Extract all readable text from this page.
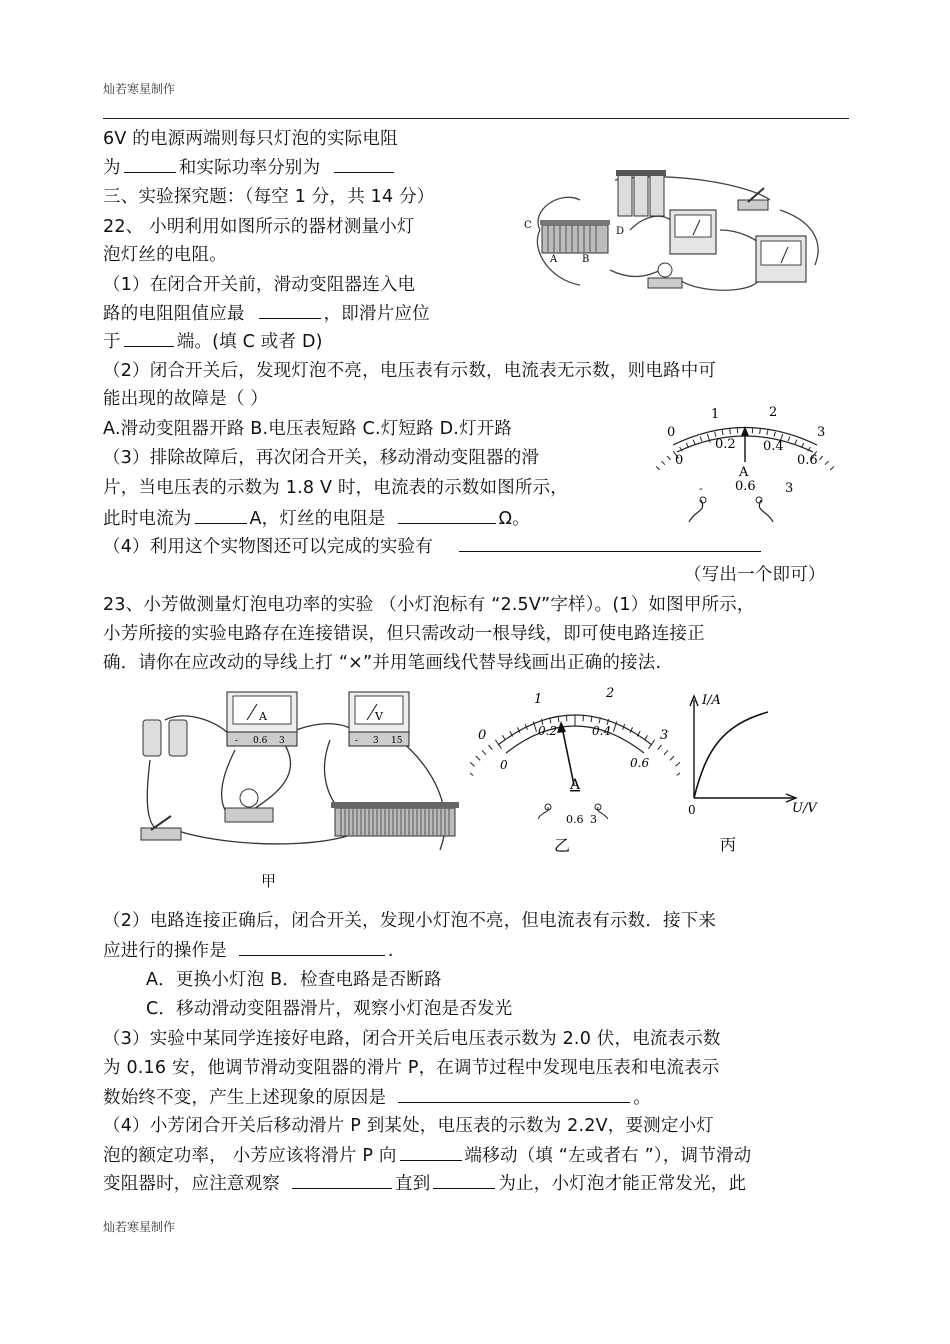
灿若寒星制作
6V 的电源两端则每只灯泡的实际电阻
为	和实际功率分别为
三、实验探究题：（每空 1 分，共 14 分）
22、 小明利用如图所示的器材测量小灯
泡灯丝的电阻。
（1）在闭合开关前，滑动变阻器连入电
路的电阻阻值应最	，即滑片应位
于	端。(填 C 或者 D)
（2）闭合开关后，发现灯泡不亮，电压表有示数，电流表无示数，则电路中可
能出现的故障是（ ）
A.滑动变阻器开路 B.电压表短路 C.灯短路 D.灯开路
（3）排除故障后，再次闭合开关，移动滑动变阻器的滑
片，当电压表的示数为 1.8 V 时，电流表的示数如图所示，
此时电流为	A，灯丝的电阻是	Ω。
（4）利用这个实物图还可以完成的实验有
（写出一个即可）
23、小芳做测量灯泡电功率的实验 （小灯泡标有 “2.5V”字样）。(1）如图甲所示，
小芳所接的实验电路存在连接错误，但只需改动一根导线，即可使电路连接正
确．请你在应改动的导线上打 “×”并用笔画线代替导线画出正确的接法.
（2）电路连接正确后，闭合开关，发现小灯泡不亮，但电流表有示数．接下来
应进行的操作是	.
A．更换小灯泡 B．检查电路是否断路
C．移动滑动变阻器滑片，观察小灯泡是否发光
（3）实验中某同学连接好电路，闭合开关后电压表示数为 2.0 伏，电流表示数
为 0.16 安，他调节滑动变阻器的滑片 P，在调节过程中发现电压表和电流表示
数始终不变，产生上述现象的原因是	。
（4）小芳闭合开关后移动滑片 P 到某处，电压表的示数为 2.2V，要测定小灯
泡的额定功率， 小芳应该将滑片 P 向	端移动（填 “左或者右 ”），调节滑动
变阻器时，应注意观察	直到	为止，小灯泡才能正常发光，此
灿若寒星制作
C
A B
D
0
1	2
3
0
0.2 0.4
0.6
A
- 0.6 3
A
- 0.6 3
V
- 3 15
甲
0
1	2
3
0
0.2	0.4
0.6
A
0.6 3
乙
I/A
U/V
0
丙
